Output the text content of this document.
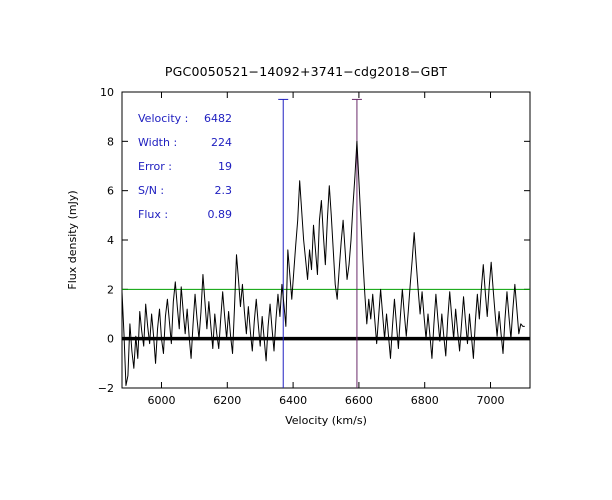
PGC0050521−14092+3741−cdg2018−GBT
6000	6200	6400	6600	6800	7000
−2
0
2
4
6
8
10
Velocity (km/s)
Flux density (mJy)
Velocity : 6482
Width :	224
Error :	19
S/N :	2.3
Flux :	0.89
